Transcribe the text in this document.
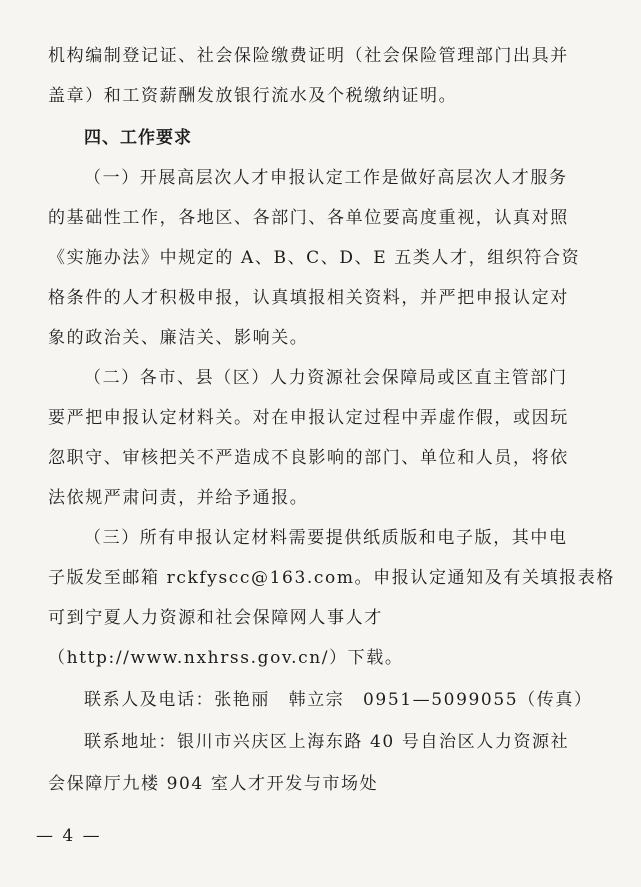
机构编制登记证、社会保险缴费证明（社会保险管理部门出具并
盖章）和工资薪酬发放银行流水及个税缴纳证明。
四、工作要求
（一）开展高层次人才申报认定工作是做好高层次人才服务
的基础性工作，各地区、各部门、各单位要高度重视，认真对照
《实施办法》中规定的 A、B、C、D、E 五类人才，组织符合资
格条件的人才积极申报，认真填报相关资料，并严把申报认定对
象的政治关、廉洁关、影响关。
（二）各市、县（区）人力资源社会保障局或区直主管部门
要严把申报认定材料关。对在申报认定过程中弄虚作假，或因玩
忽职守、审核把关不严造成不良影响的部门、单位和人员，将依
法依规严肃问责，并给予通报。
（三）所有申报认定材料需要提供纸质版和电子版，其中电
子版发至邮箱 rckfyscc@163.com。申报认定通知及有关填报表格
可到宁夏人力资源和社会保障网人事人才
（http://www.nxhrss.gov.cn/）下载。
联系人及电话：张艳丽　韩立宗　0951—5099055（传真）
联系地址：银川市兴庆区上海东路 40 号自治区人力资源社
会保障厅九楼 904 室人才开发与市场处
— 4 —
